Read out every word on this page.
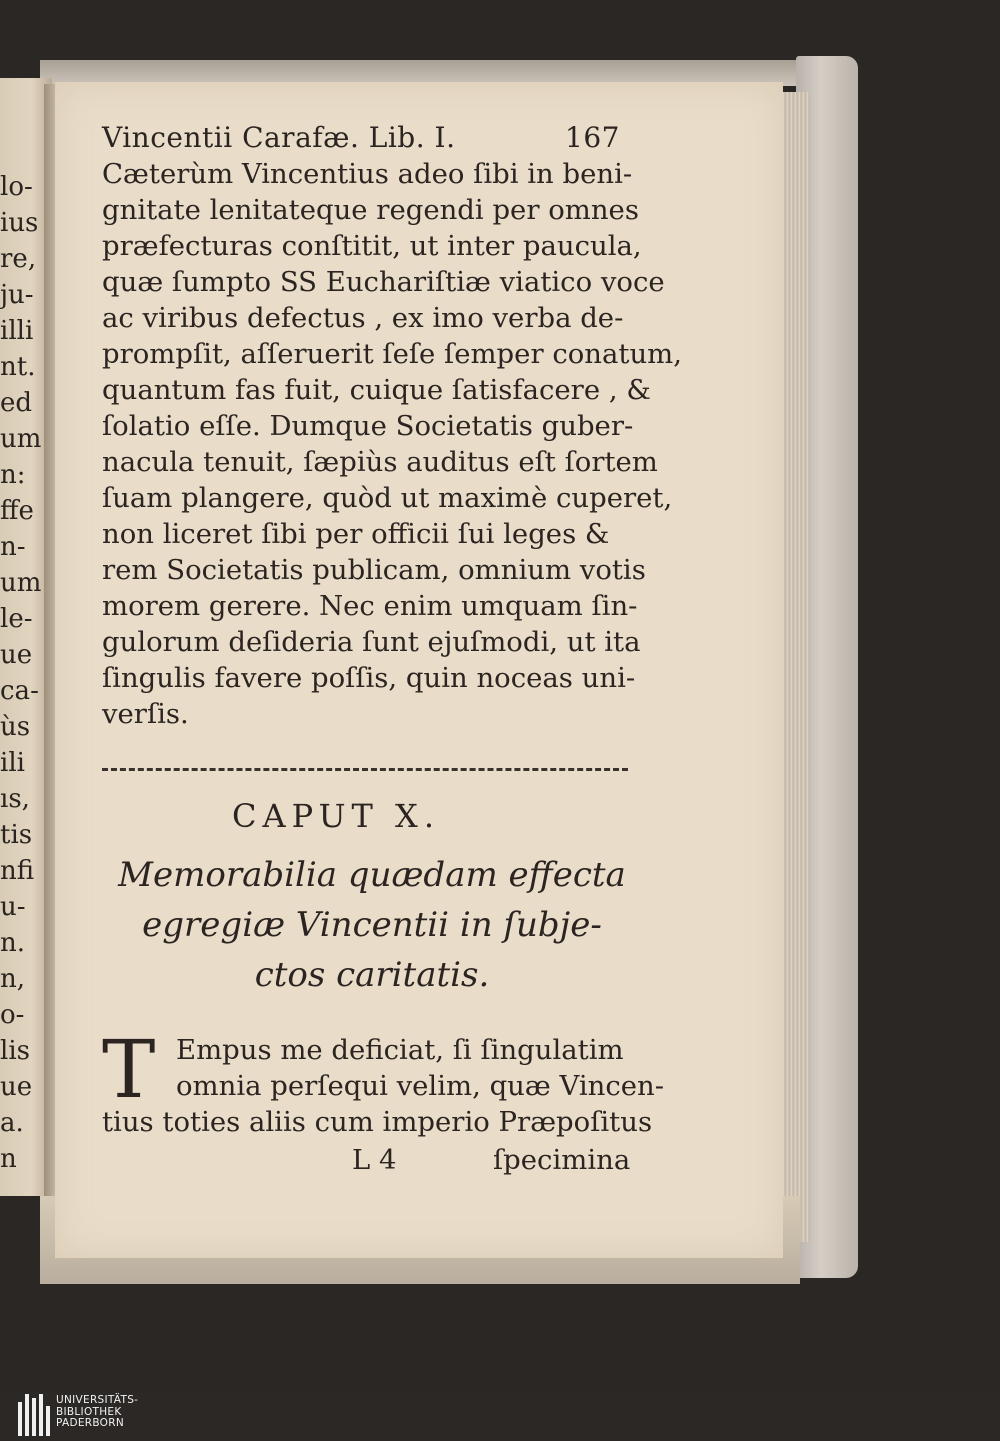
lo-
ius
re,
ju-
illi
nt.
ed
um
n:
ffe
n-
um
le-
ue
ca-
ùs
ili
ıs,
tis
nfi
u-
n.
n,
o-
lis
ue
a.
n
Vincentii Carafæ. Lib. I.	167
Cæterùm Vincentius adeo ſibi in beni-
gnitate lenitateque regendi per omnes
præfecturas conſtitit, ut inter paucula,
quæ ſumpto SS Euchariſtiæ viatico voce
ac viribus defectus , ex imo verba de-
prompſit, aſſeruerit ſeſe ſemper conatum,
quantum fas fuit, cuique ſatisfacere , &
ſolatio eſſe. Dumque Societatis guber-
nacula tenuit, ſæpiùs auditus eſt ſortem
ſuam plangere, quòd ut maximè cuperet,
non liceret ſibi per officii ſui leges &
rem Societatis publicam, omnium votis
morem gerere. Nec enim umquam ſin-
gulorum deſideria ſunt ejuſmodi, ut ita
ſingulis favere poſſis, quin noceas uni-
verſis.
CAPUT X.
Memorabilia quædam effecta
egregiæ Vincentii in ſubje-
ctos caritatis.
T Empus me deficiat, ſi ſingulatim
omnia perſequi velim, quæ Vincen-
tius toties aliis cum imperio Præpoſitus
L 4	ſpecimina
UNIVERSITÄTS-
BIBLIOTHEK
PADERBORN
